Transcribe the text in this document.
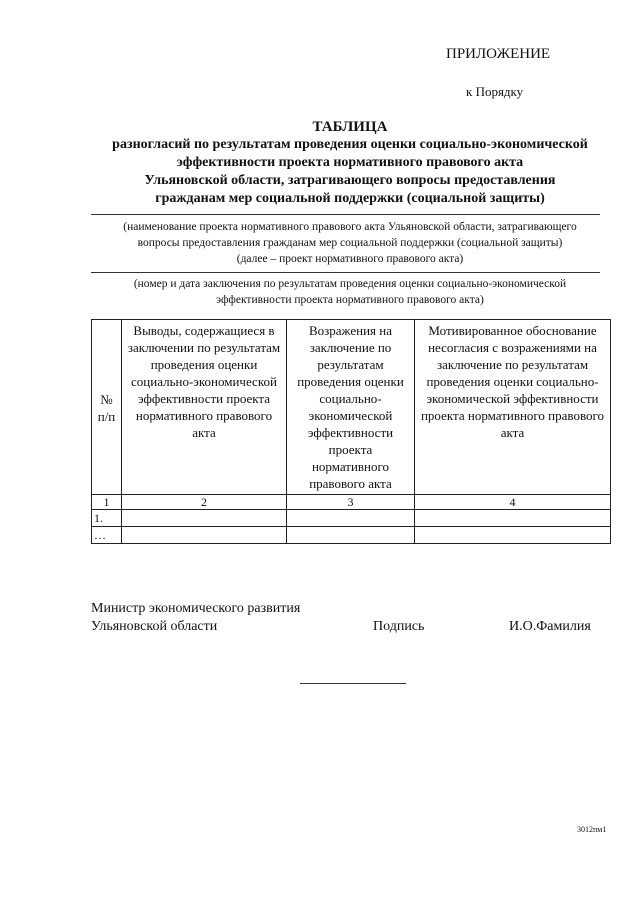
ПРИЛОЖЕНИЕ
к Порядку
ТАБЛИЦА
разногласий по результатам проведения оценки социально-экономической
эффективности проекта нормативного правового акта
Ульяновской области, затрагивающего вопросы предоставления
гражданам мер социальной поддержки (социальной защиты)
(наименование проекта нормативного правового акта Ульяновской области, затрагивающего
вопросы предоставления гражданам мер социальной поддержки (социальной защиты)
(далее – проект нормативного правового акта)
(номер и дата заключения по результатам проведения оценки социально-экономической
эффективности проекта нормативного правового акта)
№ п/п	Выводы, содержащиеся в заключении по результатам проведения оценки социально-экономической эффективности проекта нормативного правового акта	Возражения на заключение по результатам проведения оценки социально-экономической эффективности проекта нормативного правового акта	Мотивированное обоснование несогласия с возражениями на заключение по результатам проведения оценки социально-экономической эффективности проекта нормативного правового акта
1	2	3	4
1.			
…			
Министр экономического развития
Ульяновской области	Подпись	И.О.Фамилия
3012пм1
